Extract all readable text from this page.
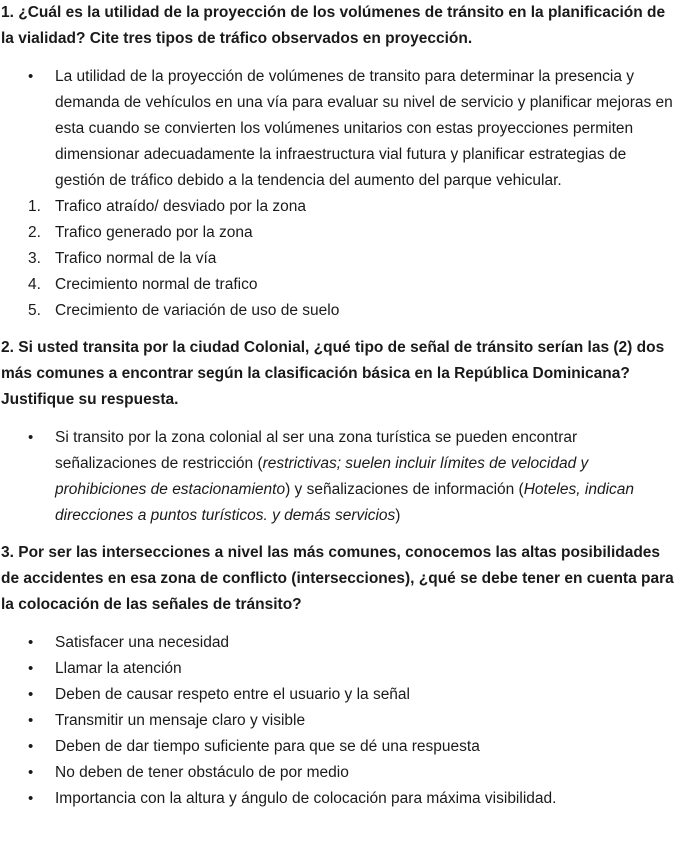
1. ¿Cuál es la utilidad de la proyección de los volúmenes de tránsito en la planificación de la vialidad? Cite tres tipos de tráfico observados en proyección.

• La utilidad de la proyección de volúmenes de transito para determinar la presencia y demanda de vehículos en una vía para evaluar su nivel de servicio y planificar mejoras en esta cuando se convierten los volúmenes unitarios con estas proyecciones permiten dimensionar adecuadamente la infraestructura vial futura y planificar estrategias de gestión de tráfico debido a la tendencia del aumento del parque vehicular.
1. Trafico atraído/ desviado por la zona
2. Trafico generado por la zona
3. Trafico normal de la vía
4. Crecimiento normal de trafico
5. Crecimiento de variación de uso de suelo

2. Si usted transita por la ciudad Colonial, ¿qué tipo de señal de tránsito serían las (2) dos más comunes a encontrar según la clasificación básica en la República Dominicana? Justifique su respuesta.

• Si transito por la zona colonial al ser una zona turística se pueden encontrar señalizaciones de restricción (restrictivas; suelen incluir límites de velocidad y prohibiciones de estacionamiento) y señalizaciones de información (Hoteles, indican direcciones a puntos turísticos. y demás servicios)

3. Por ser las intersecciones a nivel las más comunes, conocemos las altas posibilidades de accidentes en esa zona de conflicto (intersecciones), ¿qué se debe tener en cuenta para la colocación de las señales de tránsito?

• Satisfacer una necesidad
• Llamar la atención
• Deben de causar respeto entre el usuario y la señal
• Transmitir un mensaje claro y visible
• Deben de dar tiempo suficiente para que se dé una respuesta
• No deben de tener obstáculo de por medio
• Importancia con la altura y ángulo de colocación para máxima visibilidad.
